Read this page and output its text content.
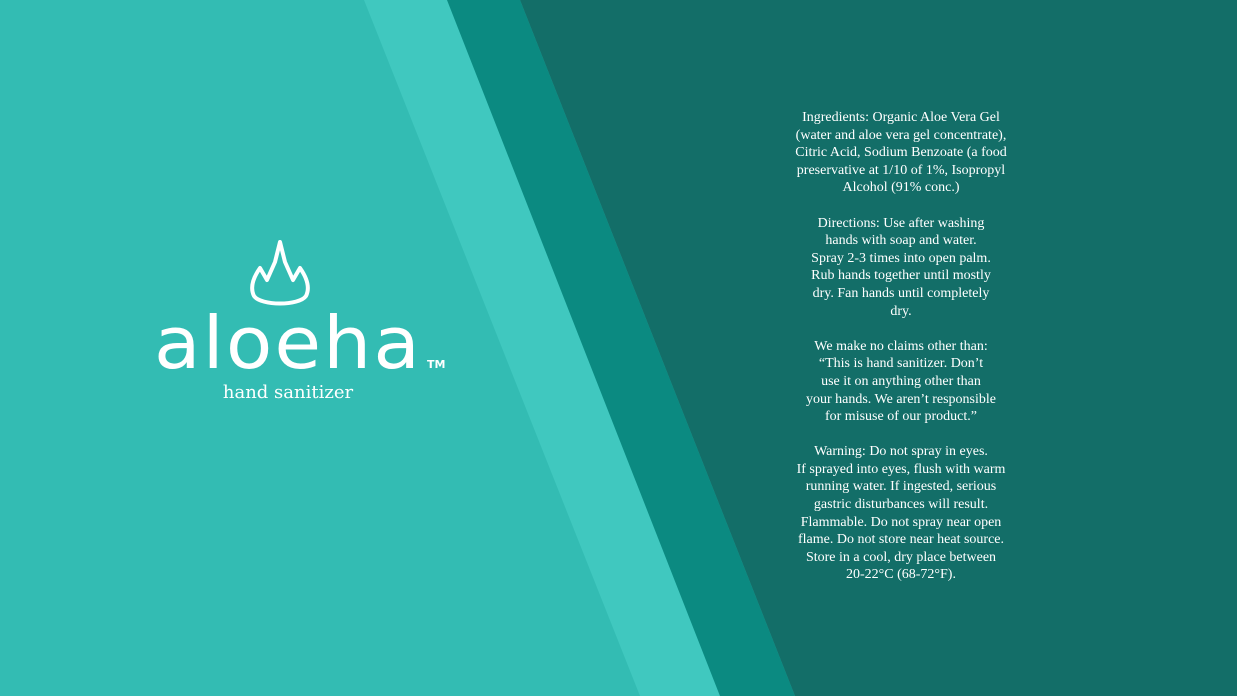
aloeha TM
hand sanitizer

Ingredients: Organic Aloe Vera Gel
(water and aloe vera gel concentrate),
Citric Acid, Sodium Benzoate (a food
preservative at 1/10 of 1%, Isopropyl
Alcohol (91% conc.)

Directions: Use after washing
hands with soap and water.
Spray 2-3 times into open palm.
Rub hands together until mostly
dry. Fan hands until completely
dry.

We make no claims other than:
“This is hand sanitizer. Don’t
use it on anything other than
your hands. We aren’t responsible
for misuse of our product.”

Warning: Do not spray in eyes.
If sprayed into eyes, flush with warm
running water. If ingested, serious
gastric disturbances will result.
Flammable. Do not spray near open
flame. Do not store near heat source.
Store in a cool, dry place between
20-22°C (68-72°F).
